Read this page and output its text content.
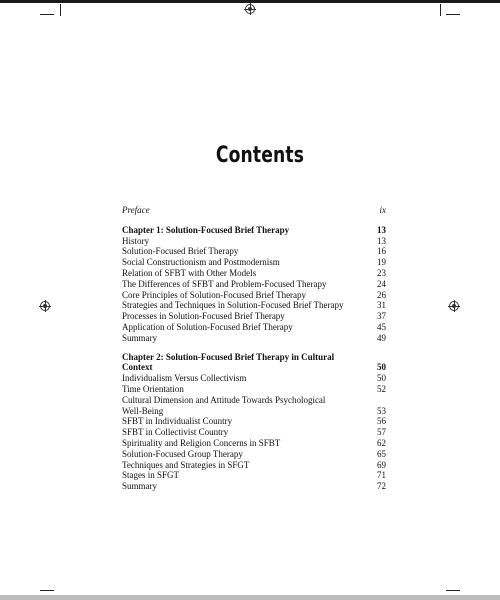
Contents
Preface	ix
Chapter 1: Solution-Focused Brief Therapy	13
History	13
Solution-Focused Brief Therapy	16
Social Constructionism and Postmodernism	19
Relation of SFBT with Other Models	23
The Differences of SFBT and Problem-Focused Therapy	24
Core Principles of Solution-Focused Brief Therapy	26
Strategies and Techniques in Solution-Focused Brief Therapy	31
Processes in Solution-Focused Brief Therapy	37
Application of Solution-Focused Brief Therapy	45
Summary	49
Chapter 2: Solution-Focused Brief Therapy in Cultural
Context	50
Individualism Versus Collectivism	50
Time Orientation	52
Cultural Dimension and Attitude Towards Psychological
Well-Being	53
SFBT in Individualist Country	56
SFBT in Collectivist Country	57
Spirituality and Religion Concerns in SFBT	62
Solution-Focused Group Therapy	65
Techniques and Strategies in SFGT	69
Stages in SFGT	71
Summary	72
